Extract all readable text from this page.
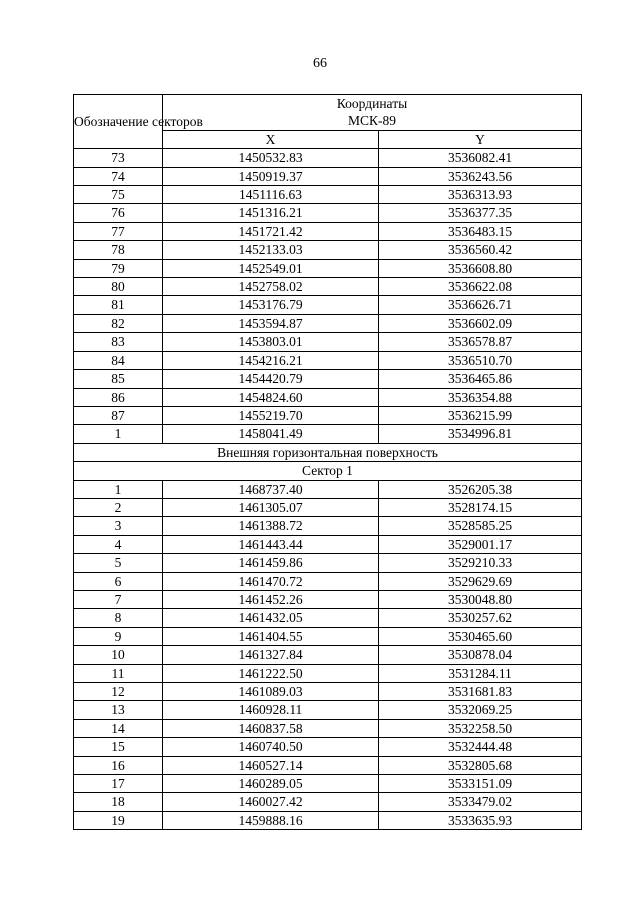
66
Обозначение секторов	Координаты
МСК-89	

	X	Y
73	1450532.83	3536082.41
74	1450919.37	3536243.56
75	1451116.63	3536313.93
76	1451316.21	3536377.35
77	1451721.42	3536483.15
78	1452133.03	3536560.42
79	1452549.01	3536608.80
80	1452758.02	3536622.08
81	1453176.79	3536626.71
82	1453594.87	3536602.09
83	1453803.01	3536578.87
84	1454216.21	3536510.70
85	1454420.79	3536465.86
86	1454824.60	3536354.88
87	1455219.70	3536215.99
1	1458041.49	3534996.81
Внешняя горизонтальная поверхность		
Сектор 1		
1	1468737.40	3526205.38
2	1461305.07	3528174.15
3	1461388.72	3528585.25
4	1461443.44	3529001.17
5	1461459.86	3529210.33
6	1461470.72	3529629.69
7	1461452.26	3530048.80
8	1461432.05	3530257.62
9	1461404.55	3530465.60
10	1461327.84	3530878.04
11	1461222.50	3531284.11
12	1461089.03	3531681.83
13	1460928.11	3532069.25
14	1460837.58	3532258.50
15	1460740.50	3532444.48
16	1460527.14	3532805.68
17	1460289.05	3533151.09
18	1460027.42	3533479.02
19	1459888.16	3533635.93
